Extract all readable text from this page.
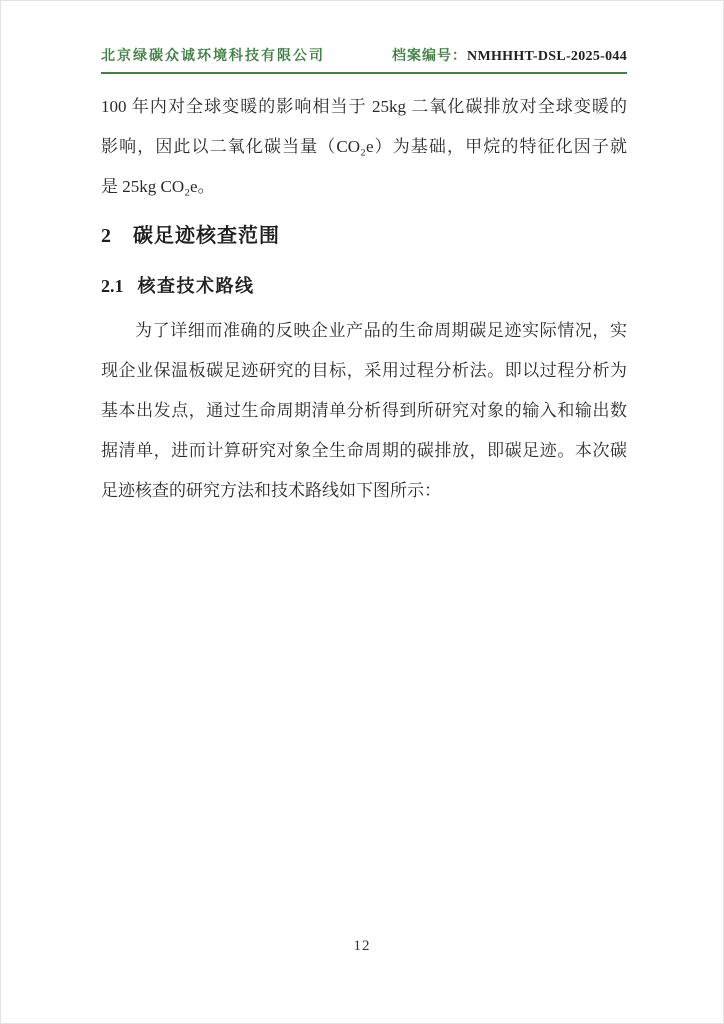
北京绿碳众诚环境科技有限公司	档案编号：NMHHHT-DSL-2025-044
100 年内对全球变暖的影响相当于 25kg 二氧化碳排放对全球变暖的
影响，因此以二氧化碳当量（CO₂e）为基础，甲烷的特征化因子就
是 25kg CO₂e。
2 碳足迹核查范围
2.1 核查技术路线
为了详细而准确的反映企业产品的生命周期碳足迹实际情况，实
现企业保温板碳足迹研究的目标，采用过程分析法。即以过程分析为
基本出发点，通过生命周期清单分析得到所研究对象的输入和输出数
据清单，进而计算研究对象全生命周期的碳排放，即碳足迹。本次碳
足迹核查的研究方法和技术路线如下图所示：
12
